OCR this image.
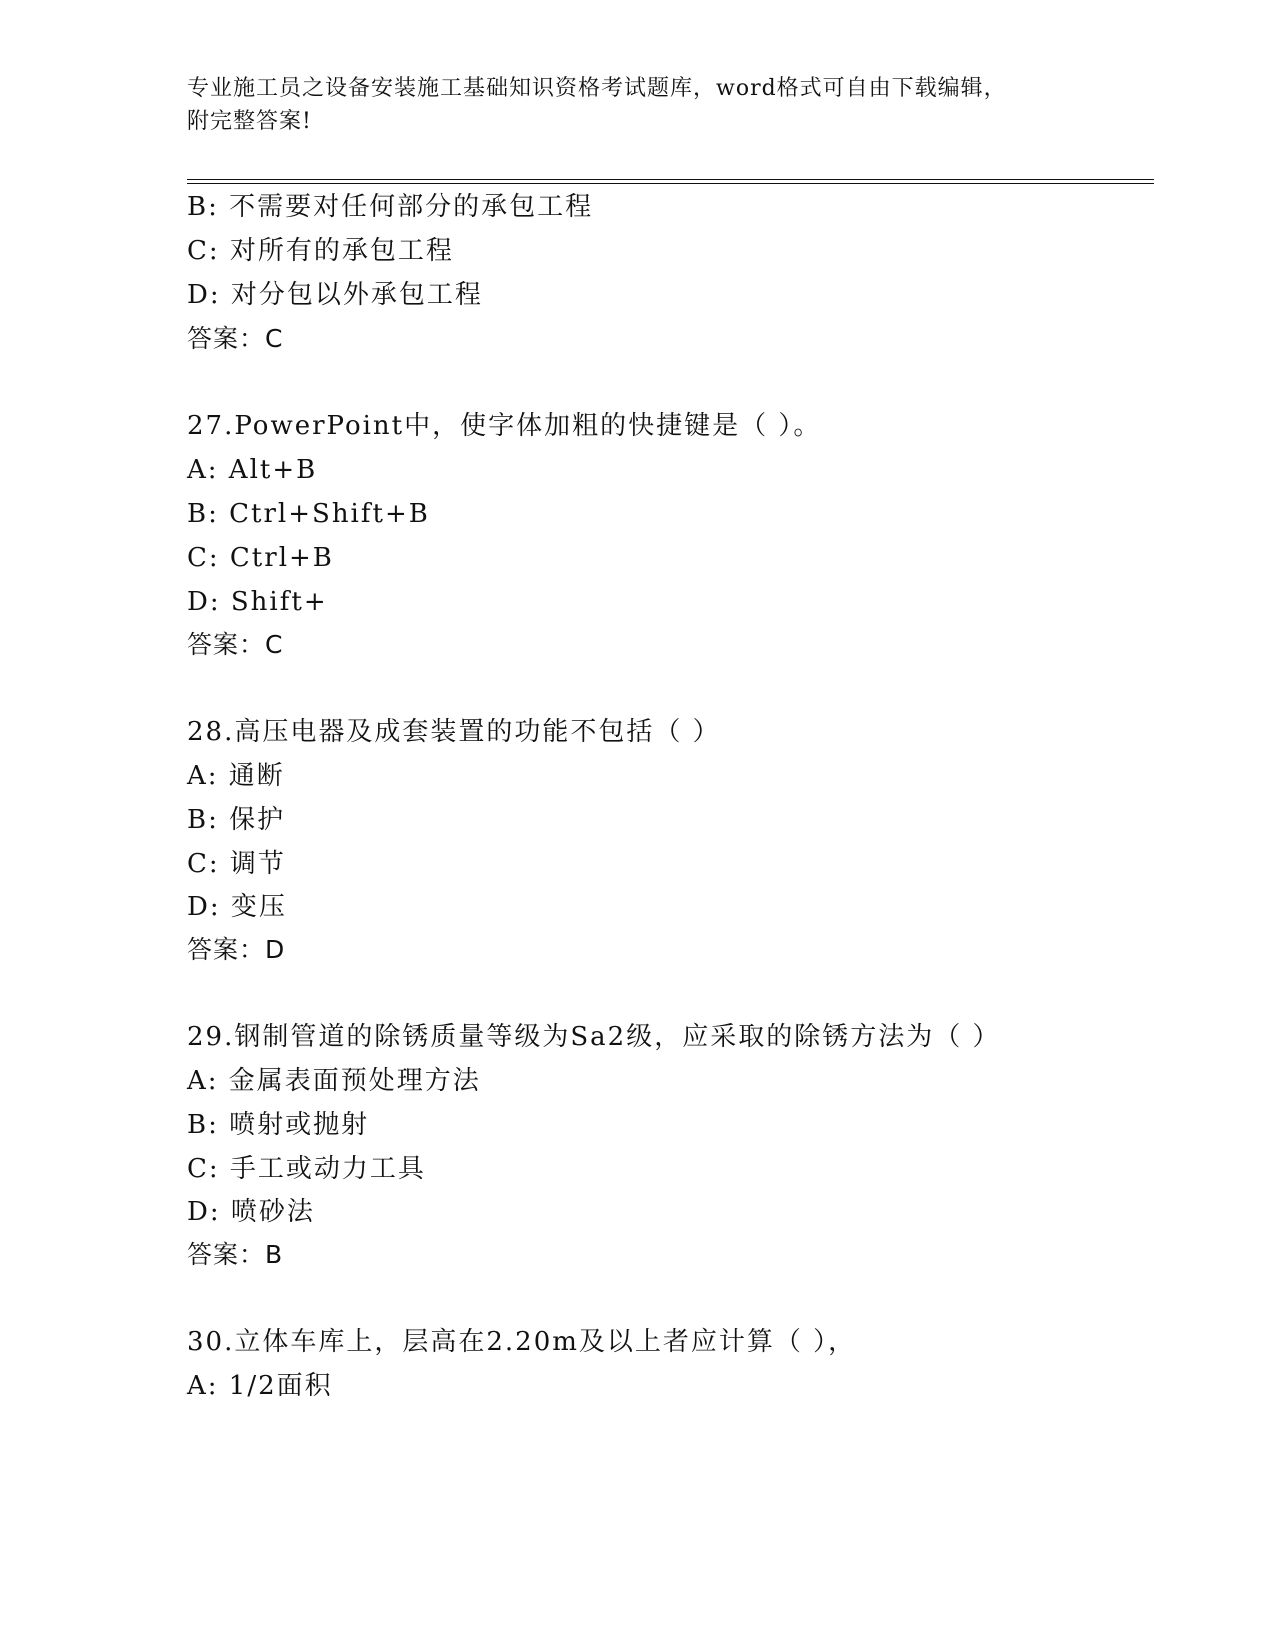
专业施工员之设备安装施工基础知识资格考试题库，word格式可自由下载编辑，
附完整答案!
B: 不需要对任何部分的承包工程
C: 对所有的承包工程
D: 对分包以外承包工程
答案：C
27.PowerPoint中，使字体加粗的快捷键是（ ）。
A: Alt+B
B: Ctrl+Shift+B
C: Ctrl+B
D: Shift+
答案：C
28.高压电器及成套装置的功能不包括（ ）
A: 通断
B: 保护
C: 调节
D: 变压
答案：D
29.钢制管道的除锈质量等级为Sa2级，应采取的除锈方法为（ ）
A: 金属表面预处理方法
B: 喷射或抛射
C: 手工或动力工具
D: 喷砂法
答案：B
30.立体车库上，层高在2.20m及以上者应计算（ ），
A: 1/2面积
